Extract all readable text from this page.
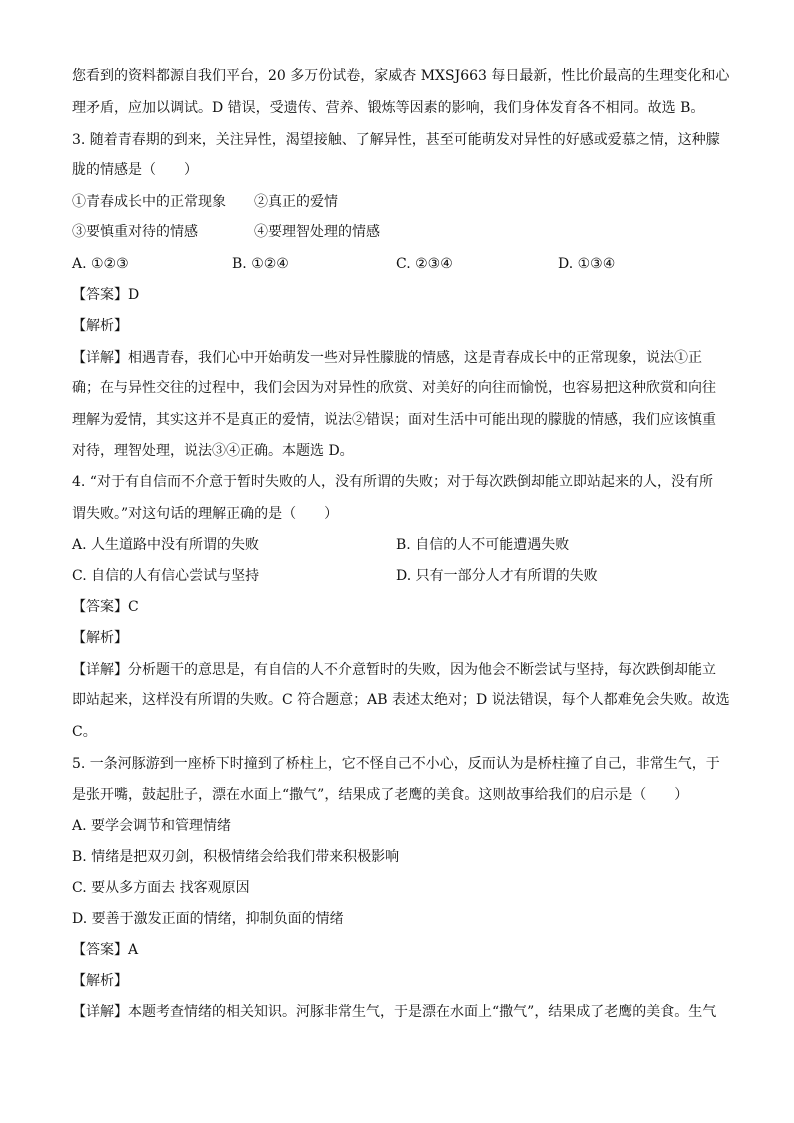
您看到的资料都源自我们平台，20 多万份试卷，家威杏 MXSJ663 每日最新，性比价最高的生理变化和心
理矛盾，应加以调试。D 错误，受遗传、营养、锻炼等因素的影响，我们身体发育各不相同。故选 B。
3. 随着青春期的到来，关注异性，渴望接触、了解异性，甚至可能萌发对异性的好感或爱慕之情，这种朦
胧的情感是（　　）
①青春成长中的正常现象　　②真正的爱情
③要慎重对待的情感　　　　④要理智处理的情感
A. ①②③	B. ①②④	C. ②③④	D. ①③④
【答案】D
【解析】
【详解】相遇青春，我们心中开始萌发一些对异性朦胧的情感，这是青春成长中的正常现象，说法①正
确；在与异性交往的过程中，我们会因为对异性的欣赏、对美好的向往而愉悦，也容易把这种欣赏和向往
理解为爱情，其实这并不是真正的爱情，说法②错误；面对生活中可能出现的朦胧的情感，我们应该慎重
对待，理智处理，说法③④正确。本题选 D。
4. “对于有自信而不介意于暂时失败的人，没有所谓的失败；对于每次跌倒却能立即站起来的人，没有所
谓失败。”对这句话的理解正确的是（　　）
A. 人生道路中没有所谓的失败	B. 自信的人不可能遭遇失败
C. 自信的人有信心尝试与坚持	D. 只有一部分人才有所谓的失败
【答案】C
【解析】
【详解】分析题干的意思是，有自信的人不介意暂时的失败，因为他会不断尝试与坚持，每次跌倒却能立
即站起来，这样没有所谓的失败。C 符合题意；AB 表述太绝对；D 说法错误，每个人都难免会失败。故选
C。
5. 一条河豚游到一座桥下时撞到了桥柱上，它不怪自己不小心，反而认为是桥柱撞了自己，非常生气，于
是张开嘴，鼓起肚子，漂在水面上“撒气”，结果成了老鹰的美食。这则故事给我们的启示是（　　）
A. 要学会调节和管理情绪
B. 情绪是把双刃剑，积极情绪会给我们带来积极影响
C. 要从多方面去 找客观原因
D. 要善于激发正面的情绪，抑制负面的情绪
【答案】A
【解析】
【详解】本题考查情绪的相关知识。河豚非常生气，于是漂在水面上“撒气”，结果成了老鹰的美食。生气
